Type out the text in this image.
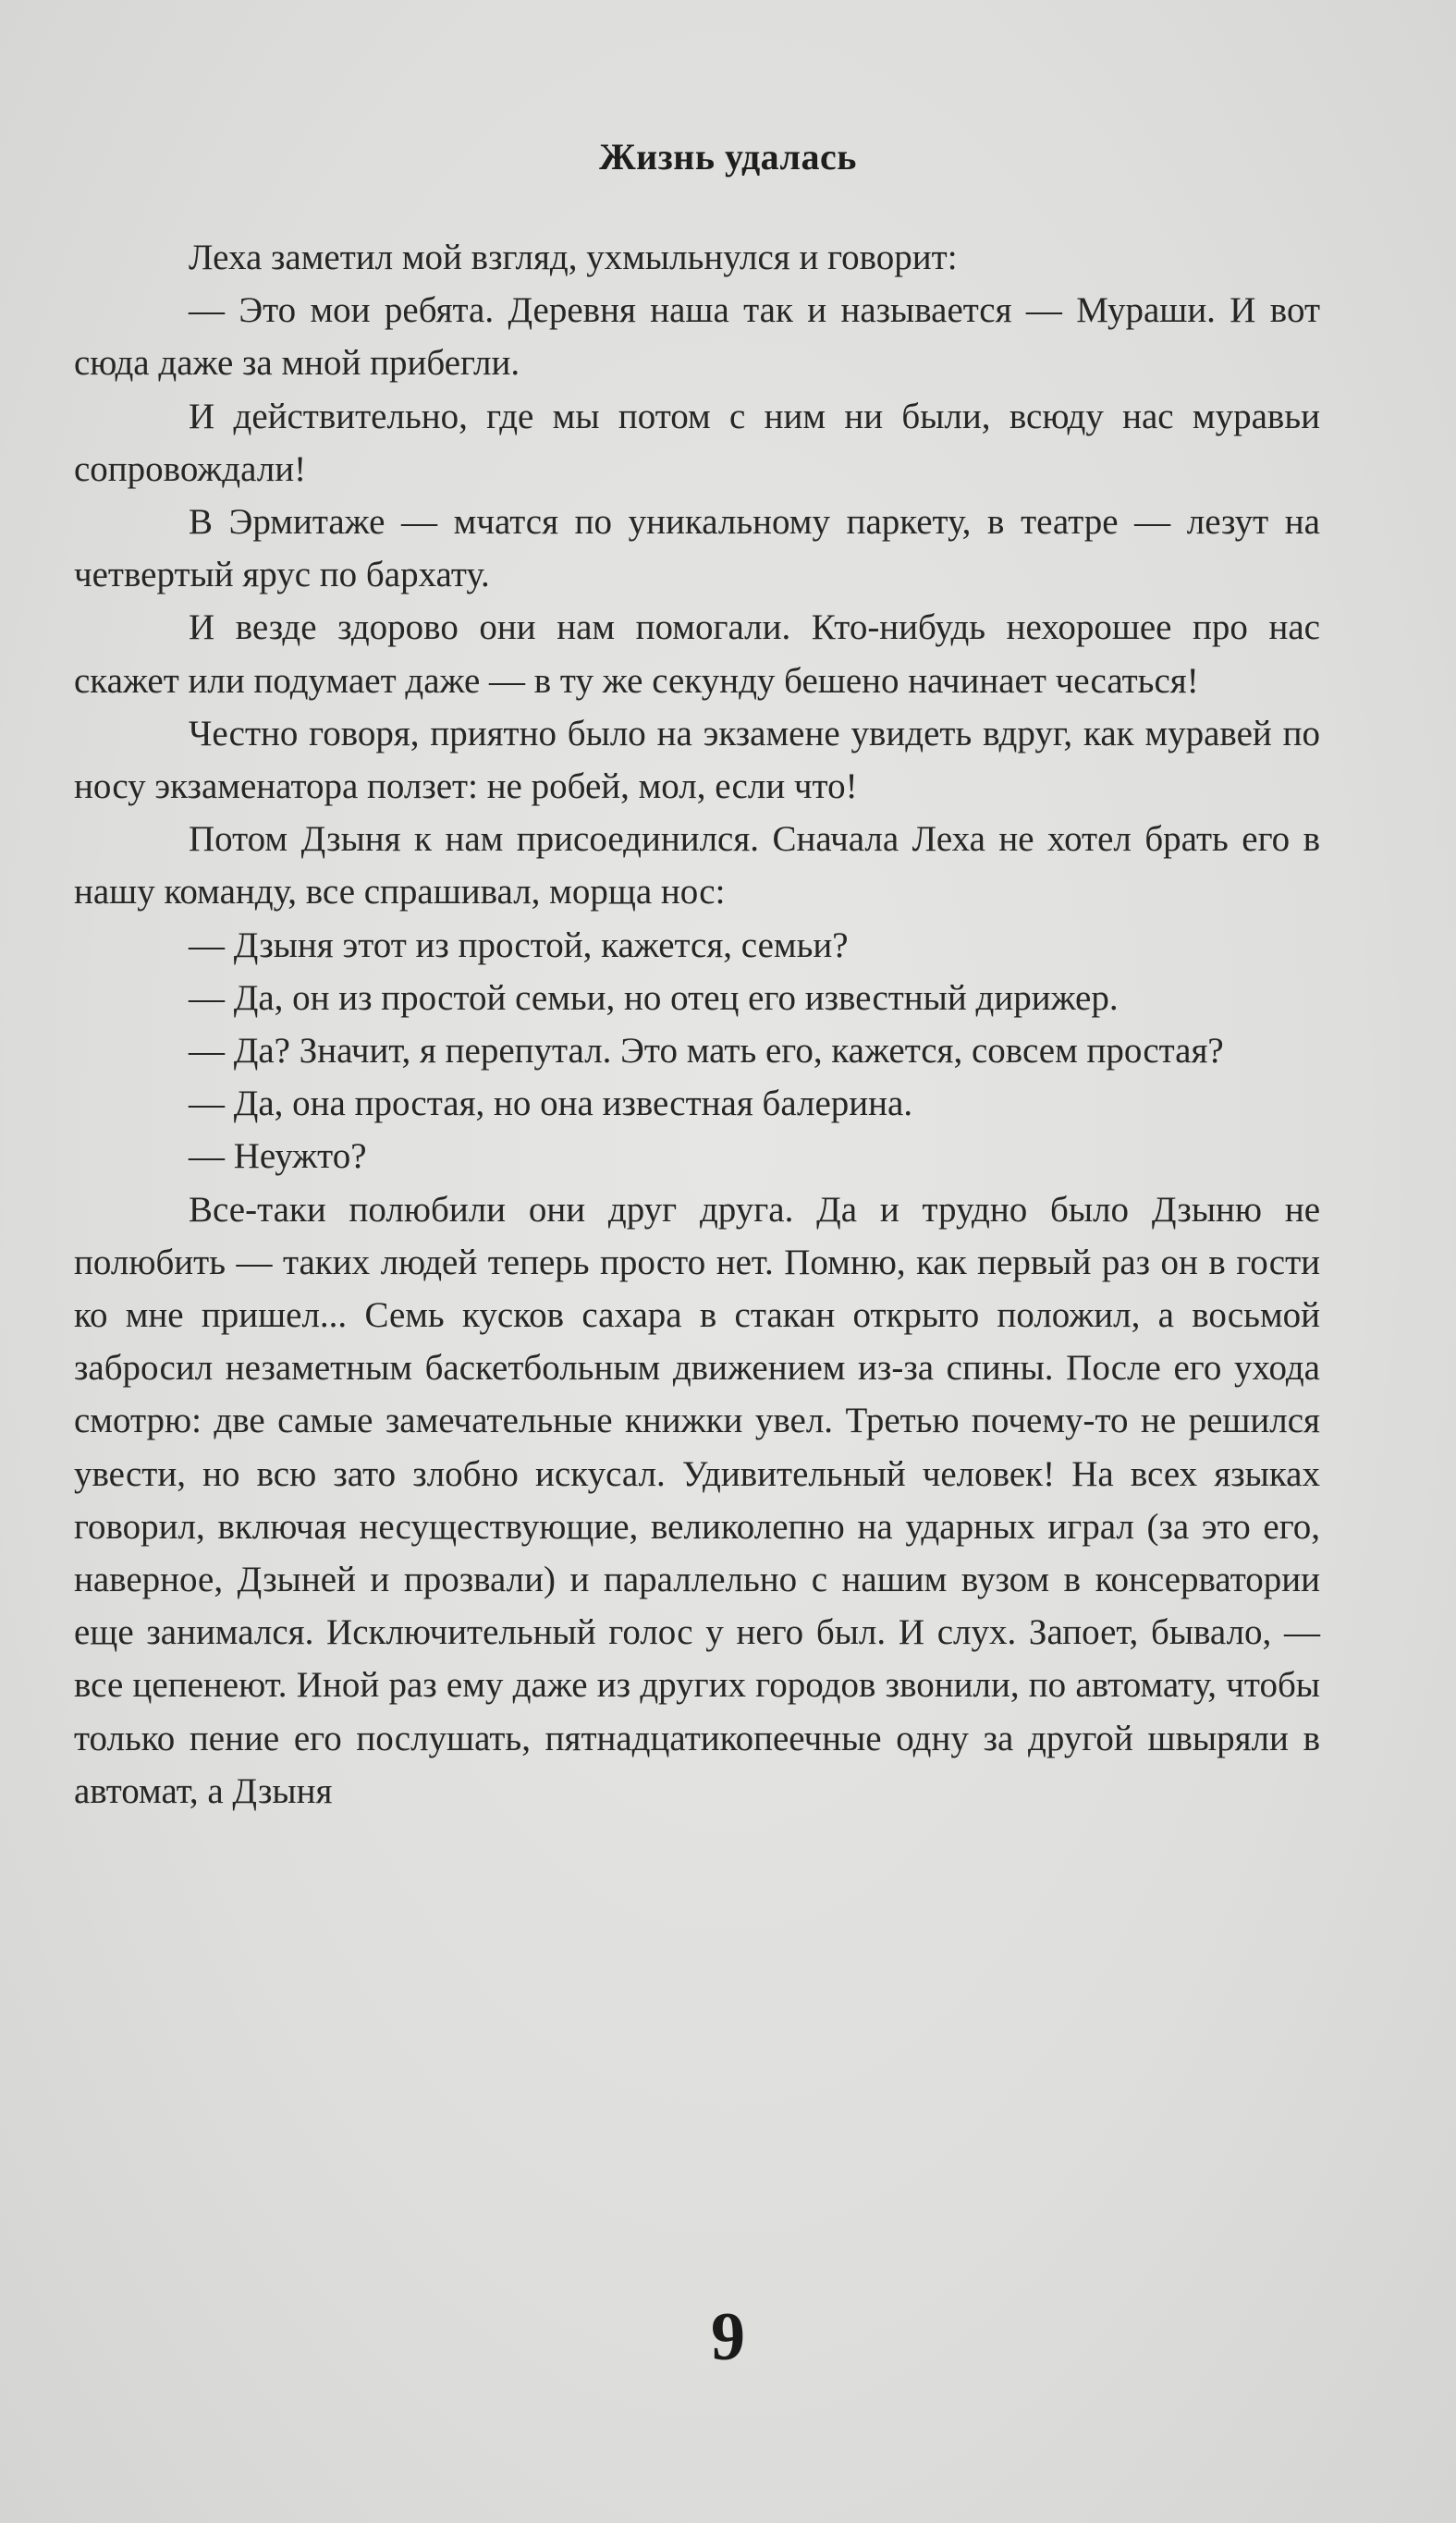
Жизнь удалась

Леха заметил мой взгляд, ухмыльнулся и говорит:

— Это мои ребята. Деревня наша так и называется — Мураши. И вот сюда даже за мной прибегли.

И действительно, где мы потом с ним ни были, всюду нас муравьи сопровождали!

В Эрмитаже — мчатся по уникальному паркету, в театре — лезут на четвертый ярус по бархату.

И везде здорово они нам помогали. Кто-нибудь нехорошее про нас скажет или подумает даже — в ту же секунду бешено начинает чесаться!

Честно говоря, приятно было на экзамене увидеть вдруг, как муравей по носу экзаменатора ползет: не робей, мол, если что!

Потом Дзыня к нам присоединился. Сначала Леха не хотел брать его в нашу команду, все спрашивал, морща нос:

— Дзыня этот из простой, кажется, семьи?

— Да, он из простой семьи, но отец его известный дирижер.

— Да? Значит, я перепутал. Это мать его, кажется, совсем простая?

— Да, она простая, но она известная балерина.

— Неужто?

Все-таки полюбили они друг друга. Да и трудно было Дзыню не полюбить — таких людей теперь просто нет. Помню, как первый раз он в гости ко мне пришел... Семь кусков сахара в стакан открыто положил, а восьмой забросил незаметным баскетбольным движением из-за спины. После его ухода смотрю: две самые замечательные книжки увел. Третью почему-то не решился увести, но всю зато злобно искусал. Удивительный человек! На всех языках говорил, включая несуществующие, великолепно на ударных играл (за это его, наверное, Дзыней и прозвали) и параллельно с нашим вузом в консерватории еще занимался. Исключительный голос у него был. И слух. Запоет, бывало, — все цепенеют. Иной раз ему даже из других городов звонили, по автомату, чтобы только пение его послушать, пятнадцатикопеечные одну за другой швыряли в автомат, а Дзыня

9
